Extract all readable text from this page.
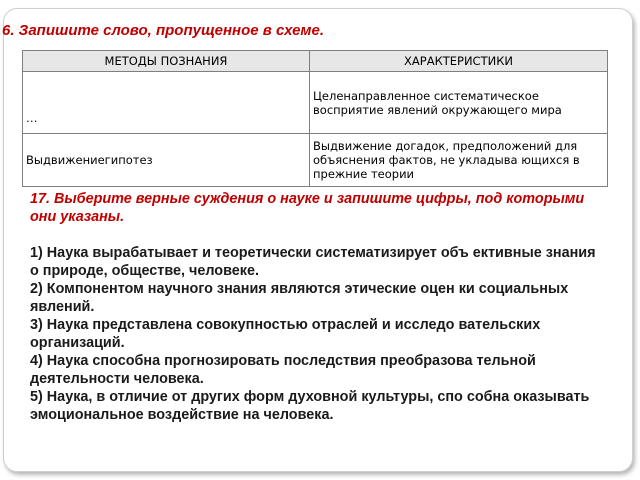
6. Запишите слово, пропущенное в схеме.
МЕТОДЫ ПОЗНАНИЯ	ХАРАКТЕРИСТИКИ
…	Целенаправленное систематическое восприятие явлений окружающего мира
Выдвижениегипотез	Выдвижение догадок, предположений для объяснения фактов, не укладыва ющихся в прежние теории

17. Выберите верные суждения о науке и запишите цифры, под которыми они указаны.

1) Наука вырабатывает и теоретически систематизирует объ ективные знания о природе, обществе, человеке.

2) Компонентом научного знания являются этические оцен ки социальных явлений.

3) Наука представлена совокупностью отраслей и исследо вательских организаций.

4) Наука способна прогнозировать последствия преобразова тельной деятельности человека.

5) Наука, в отличие от других форм духовной культуры, спо собна оказывать эмоциональное воздействие на человека.
